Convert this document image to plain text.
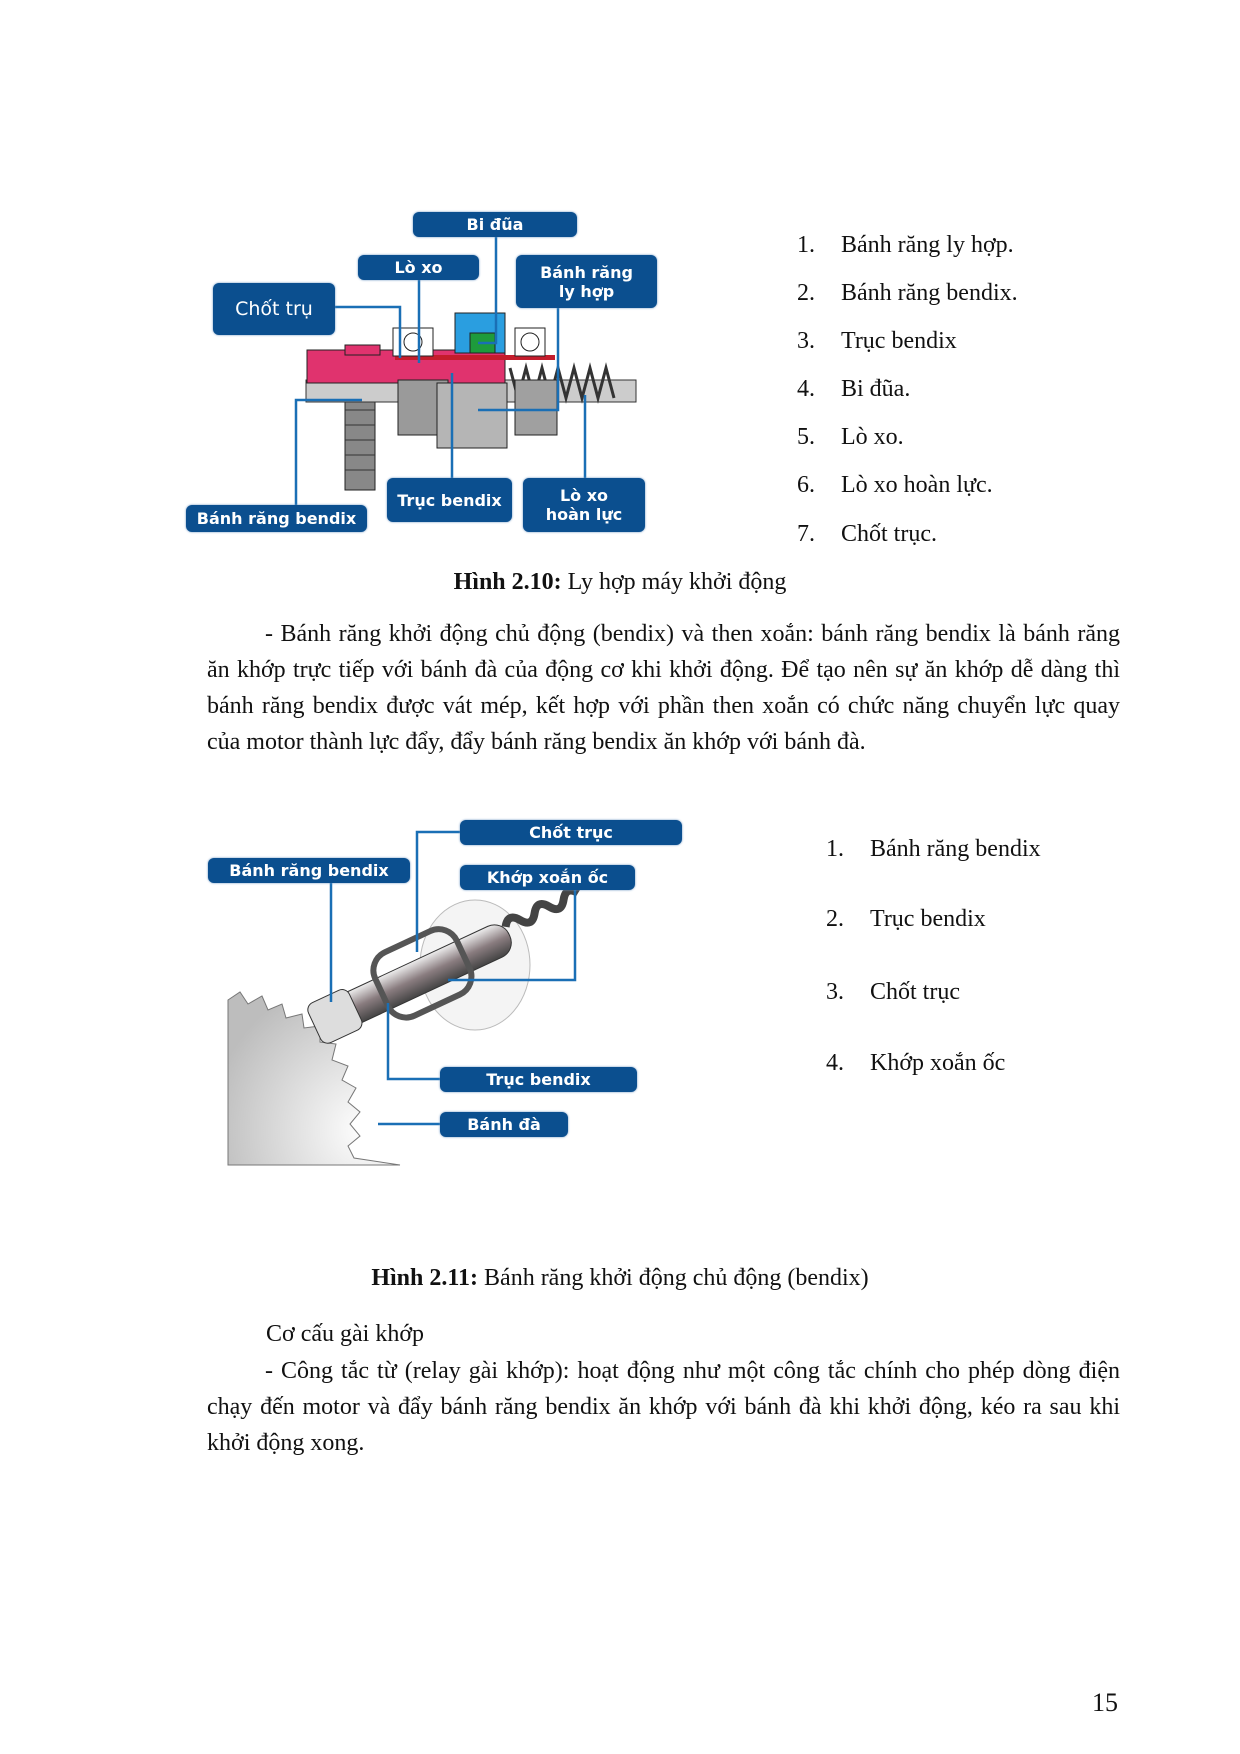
Bi đũa
Lò xo	Bánh răng ly hợp
Chốt trụ
Bánh răng bendix
Trục bendix	Lò xo hoàn lực
1. Bánh răng ly hợp.
2. Bánh răng bendix.
3. Trục bendix
4. Bi đũa.
5. Lò xo.
6. Lò xo hoàn lực.
7. Chốt trục.
Hình 2.10: Ly hợp máy khởi động
- Bánh răng khởi động chủ động (bendix) và then xoắn: bánh răng bendix là bánh răng ăn khớp trực tiếp với bánh đà của động cơ khi khởi động. Để tạo nên sự ăn khớp dễ dàng thì bánh răng bendix được vát mép, kết hợp với phần then xoắn có chức năng chuyển lực quay của motor thành lực đẩy, đẩy bánh răng bendix ăn khớp với bánh đà.
Chốt trục
Bánh răng bendix	Khớp xoắn ốc
Trục bendix
Bánh đà
1. Bánh răng bendix
2. Trục bendix
3. Chốt trục
4. Khớp xoắn ốc
Hình 2.11: Bánh răng khởi động chủ động (bendix)
Cơ cấu gài khớp
- Công tắc từ (relay gài khớp): hoạt động như một công tắc chính cho phép dòng điện chạy đến motor và đẩy bánh răng bendix ăn khớp với bánh đà khi khởi động, kéo ra sau khi khởi động xong.
15
